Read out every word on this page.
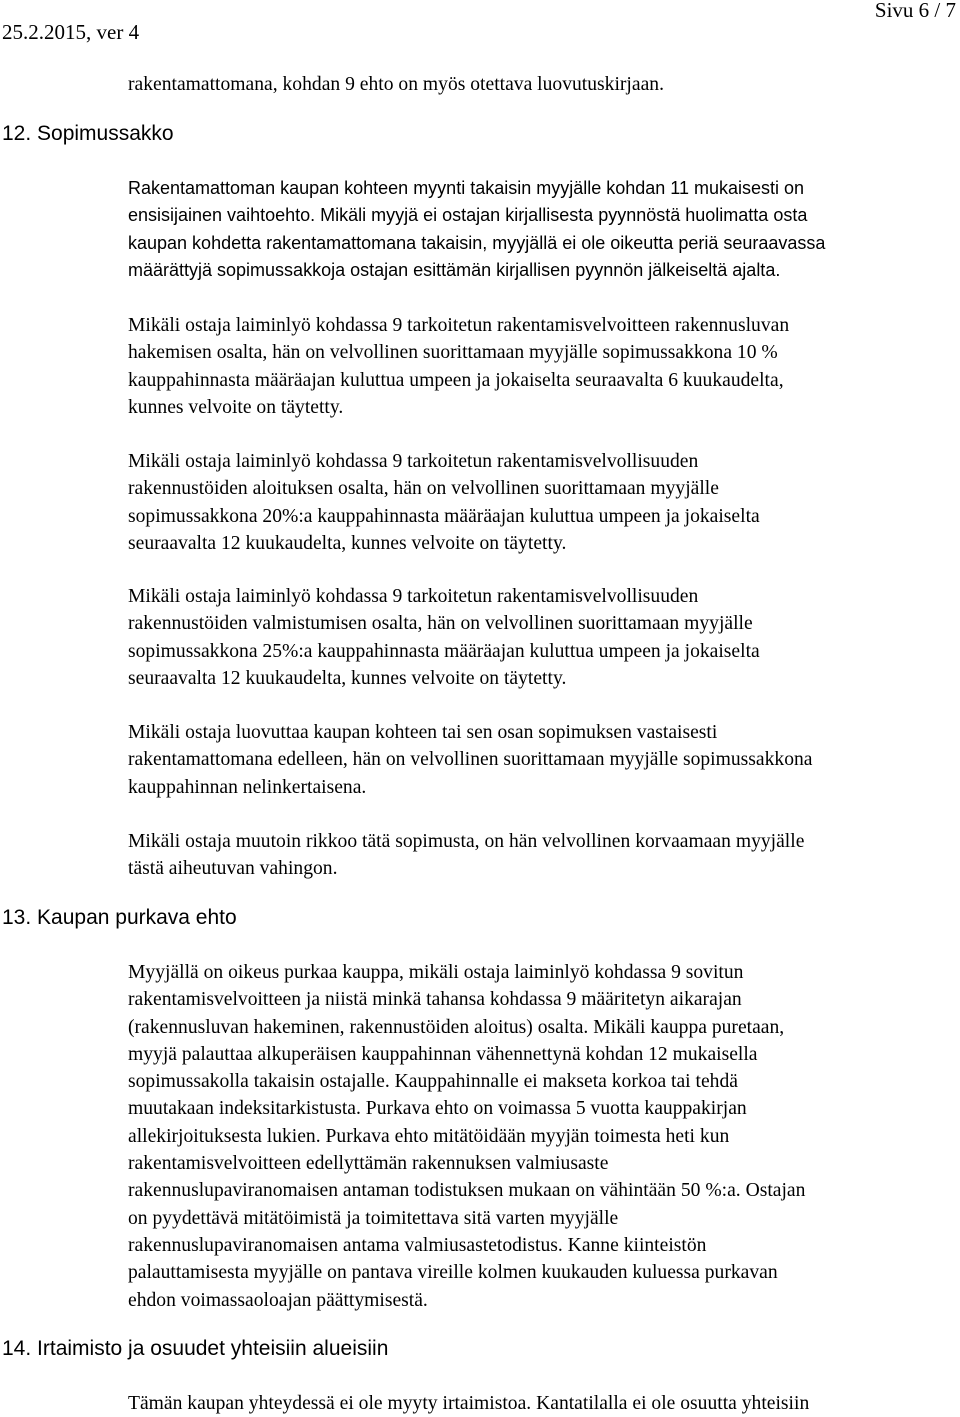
25.2.2015, ver 4
Sivu 6 / 7

rakentamattomana, kohdan 9 ehto on myös otettava luovutuskirjaan.

12. Sopimussakko

Rakentamattoman kaupan kohteen myynti takaisin myyjälle kohdan 11 mukaisesti on
ensisijainen vaihtoehto. Mikäli myyjä ei ostajan kirjallisesta pyynnöstä huolimatta osta
kaupan kohdetta rakentamattomana takaisin, myyjällä ei ole oikeutta periä seuraavassa
määrättyjä sopimussakkoja ostajan esittämän kirjallisen pyynnön jälkeiseltä ajalta.

Mikäli ostaja laiminlyö kohdassa 9 tarkoitetun rakentamisvelvoitteen rakennusluvan
hakemisen osalta, hän on velvollinen suorittamaan myyjälle sopimussakkona 10 %
kauppahinnasta määräajan kuluttua umpeen ja jokaiselta seuraavalta 6 kuukaudelta,
kunnes velvoite on täytetty.

Mikäli ostaja laiminlyö kohdassa 9 tarkoitetun rakentamisvelvollisuuden
rakennustöiden aloituksen osalta, hän on velvollinen suorittamaan myyjälle
sopimussakkona 20%:a kauppahinnasta määräajan kuluttua umpeen ja jokaiselta
seuraavalta 12 kuukaudelta, kunnes velvoite on täytetty.

Mikäli ostaja laiminlyö kohdassa 9 tarkoitetun rakentamisvelvollisuuden
rakennustöiden valmistumisen osalta, hän on velvollinen suorittamaan myyjälle
sopimussakkona 25%:a kauppahinnasta määräajan kuluttua umpeen ja jokaiselta
seuraavalta 12 kuukaudelta, kunnes velvoite on täytetty.

Mikäli ostaja luovuttaa kaupan kohteen tai sen osan sopimuksen vastaisesti
rakentamattomana edelleen, hän on velvollinen suorittamaan myyjälle sopimussakkona
kauppahinnan nelinkertaisena.

Mikäli ostaja muutoin rikkoo tätä sopimusta, on hän velvollinen korvaamaan myyjälle
tästä aiheutuvan vahingon.

13. Kaupan purkava ehto

Myyjällä on oikeus purkaa kauppa, mikäli ostaja laiminlyö kohdassa 9 sovitun
rakentamisvelvoitteen ja niistä minkä tahansa kohdassa 9 määritetyn aikarajan
(rakennusluvan hakeminen, rakennustöiden aloitus) osalta. Mikäli kauppa puretaan,
myyjä palauttaa alkuperäisen kauppahinnan vähennettynä kohdan 12 mukaisella
sopimussakolla takaisin ostajalle. Kauppahinnalle ei makseta korkoa tai tehdä
muutakaan indeksitarkistusta. Purkava ehto on voimassa 5 vuotta kauppakirjan
allekirjoituksesta lukien. Purkava ehto mitätöidään myyjän toimesta heti kun
rakentamisvelvoitteen edellyttämän rakennuksen valmiusaste
rakennuslupaviranomaisen antaman todistuksen mukaan on vähintään 50 %:a. Ostajan
on pyydettävä mitätöimistä ja toimitettava sitä varten myyjälle
rakennuslupaviranomaisen antama valmiusastetodistus. Kanne kiinteistön
palauttamisesta myyjälle on pantava vireille kolmen kuukauden kuluessa purkavan
ehdon voimassaoloajan päättymisestä.

14. Irtaimisto ja osuudet yhteisiin alueisiin

Tämän kaupan yhteydessä ei ole myyty irtaimistoa. Kantatilalla ei ole osuutta yhteisiin
